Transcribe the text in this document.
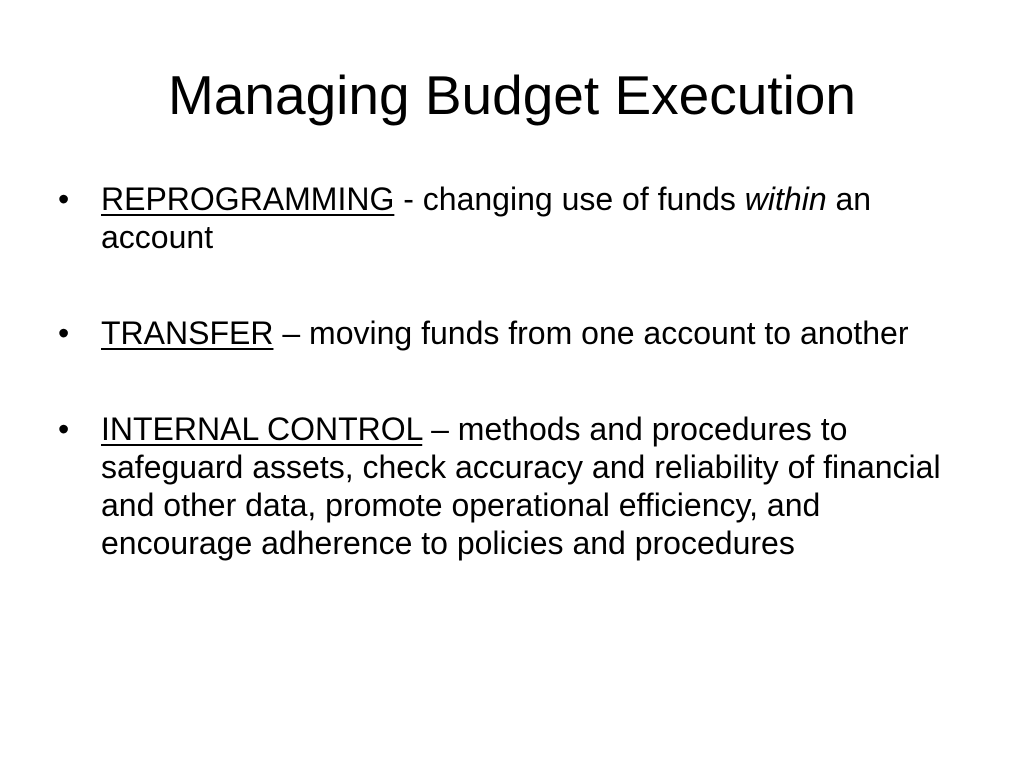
Managing Budget Execution
• REPROGRAMMING - changing use of funds within an account
• TRANSFER – moving funds from one account to another
• INTERNAL CONTROL – methods and procedures to safeguard assets, check accuracy and reliability of financial and other data, promote operational efficiency, and encourage adherence to policies and procedures
